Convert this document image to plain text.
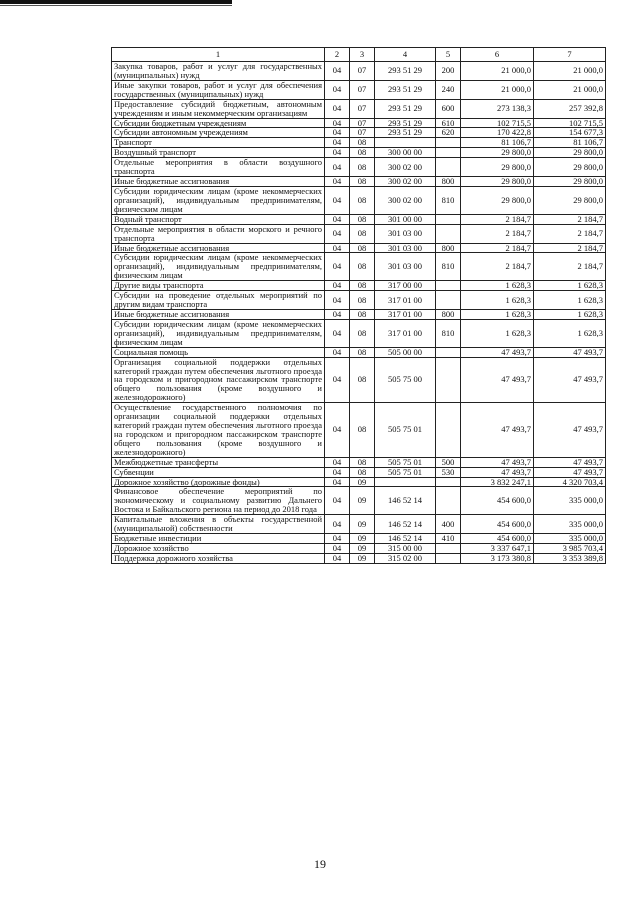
1	2	3	4	5	6	7
Закупка товаров, работ и услуг для государственных (муниципальных) нужд	04	07	293 51 29	200	21 000,0	21 000,0
Иные закупки товаров, работ и услуг для обеспечения государственных (муниципальных) нужд	04	07	293 51 29	240	21 000,0	21 000,0
Предоставление субсидий бюджетным, автономным учреждениям и иным некоммерческим организациям	04	07	293 51 29	600	273 138,3	257 392,8
Субсидии бюджетным учреждениям	04	07	293 51 29	610	102 715,5	102 715,5
Субсидии автономным учреждениям	04	07	293 51 29	620	170 422,8	154 677,3
Транспорт	04	08			81 106,7	81 106,7
Воздушный транспорт	04	08	300 00 00		29 800,0	29 800,0
Отдельные мероприятия в области воздушного транспорта	04	08	300 02 00		29 800,0	29 800,0
Иные бюджетные ассигнования	04	08	300 02 00	800	29 800,0	29 800,0
Субсидии юридическим лицам (кроме некоммерческих организаций), индивидуальным предпринимателям, физическим лицам	04	08	300 02 00	810	29 800,0	29 800,0
Водный транспорт	04	08	301 00 00		2 184,7	2 184,7
Отдельные мероприятия в области морского и речного транспорта	04	08	301 03 00		2 184,7	2 184,7
Иные бюджетные ассигнования	04	08	301 03 00	800	2 184,7	2 184,7
Субсидии юридическим лицам (кроме некоммерческих организаций), индивидуальным предпринимателям, физическим лицам	04	08	301 03 00	810	2 184,7	2 184,7
Другие виды транспорта	04	08	317 00 00		1 628,3	1 628,3
Субсидии на проведение отдельных мероприятий по другим видам транспорта	04	08	317 01 00		1 628,3	1 628,3
Иные бюджетные ассигнования	04	08	317 01 00	800	1 628,3	1 628,3
Субсидии юридическим лицам (кроме некоммерческих организаций), индивидуальным предпринимателям, физическим лицам	04	08	317 01 00	810	1 628,3	1 628,3
Социальная помощь	04	08	505 00 00		47 493,7	47 493,7
Организация социальной поддержки отдельных категорий граждан путем обеспечения льготного проезда на городском и пригородном пассажирском транспорте общего пользования (кроме воздушного и железнодорожного)	04	08	505 75 00		47 493,7	47 493,7
Осуществление государственного полномочия по организации социальной поддержки отдельных категорий граждан путем обеспечения льготного проезда на городском и пригородном пассажирском транспорте общего пользования (кроме воздушного и железнодорожного)	04	08	505 75 01		47 493,7	47 493,7
Межбюджетные трансферты	04	08	505 75 01	500	47 493,7	47 493,7
Субвенции	04	08	505 75 01	530	47 493,7	47 493,7
Дорожное хозяйство (дорожные фонды)	04	09			3 832 247,1	4 320 703,4
Финансовое обеспечение мероприятий по экономическому и социальному развитию Дальнего Востока и Байкальского региона на период до 2018 года	04	09	146 52 14		454 600,0	335 000,0
Капитальные вложения в объекты государственной (муниципальной) собственности	04	09	146 52 14	400	454 600,0	335 000,0
Бюджетные инвестиции	04	09	146 52 14	410	454 600,0	335 000,0
Дорожное хозяйство	04	09	315 00 00		3 337 647,1	3 985 703,4
Поддержка дорожного хозяйства	04	09	315 02 00		3 173 380,8	3 353 389,8
19
